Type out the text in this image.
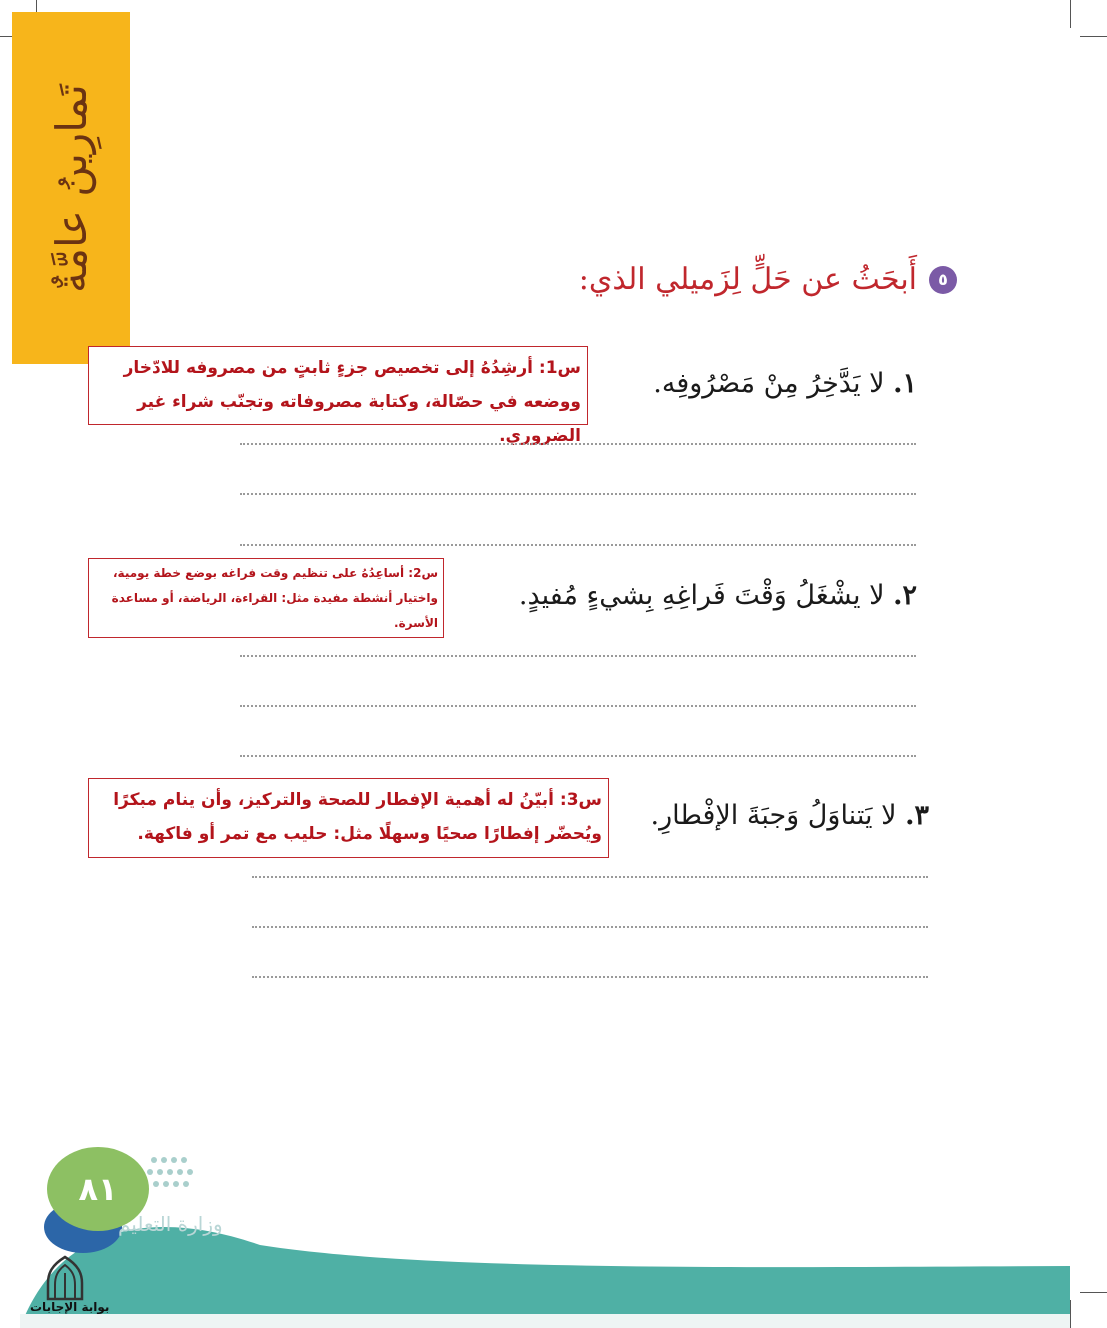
تَمارِينُ عامَّةٌ	٥
أَبحَثُ عن حَلٍّ لِزَميلي الذي:
١. لا يَدَّخِرُ مِنْ مَصْرُوفِه.
س1: أرشِدُهُ إلى تخصيص جزءٍ ثابتٍ من مصروفه للادّخار ووضعه في حصّالة، وكتابة مصروفاته وتجنّب شراء غير الضروري.
٢. لا يشْغَلُ وَقْتَ فَراغِهِ بِشيءٍ مُفيدٍ.
س2: أساعِدُهُ على تنظيم وقت فراغه بوضع خطة يومية، واختيار أنشطة مفيدة مثل: القراءة، الرياضة، أو مساعدة الأسرة.
٣. لا يَتناوَلُ وَجبَةَ الإفْطارِ.
س3: أبيّنُ له أهمية الإفطار للصحة والتركيز، وأن ينام مبكرًا ويُحضّر إفطارًا صحيًا وسهلًا مثل: حليب مع تمر أو فاكهة.
٨١
وزارة التعليم
بوابة الإجابات
